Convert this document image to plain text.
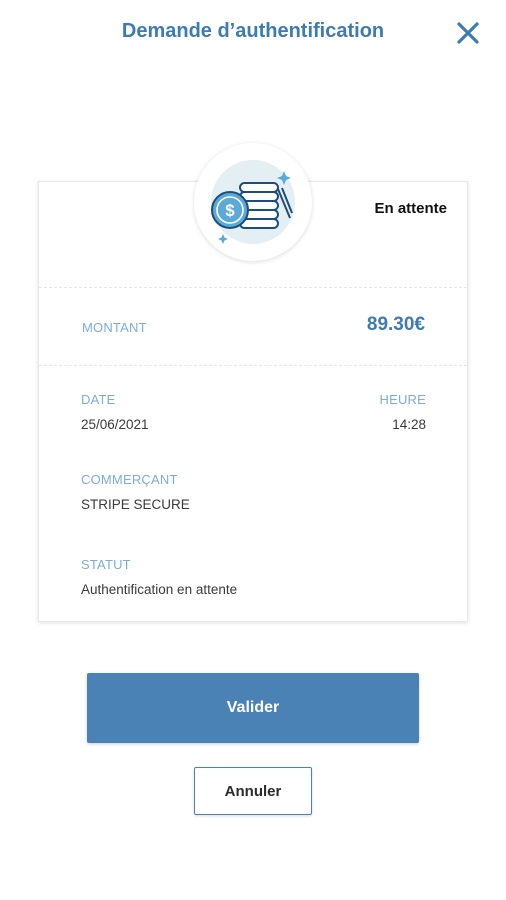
Demande d’authentification
En attente
MONTANT	89.30€
DATE
25/06/2021
HEURE
14:28
COMMERÇANT
STRIPE SECURE
STATUT
Authentification en attente
$
Valider
Annuler
